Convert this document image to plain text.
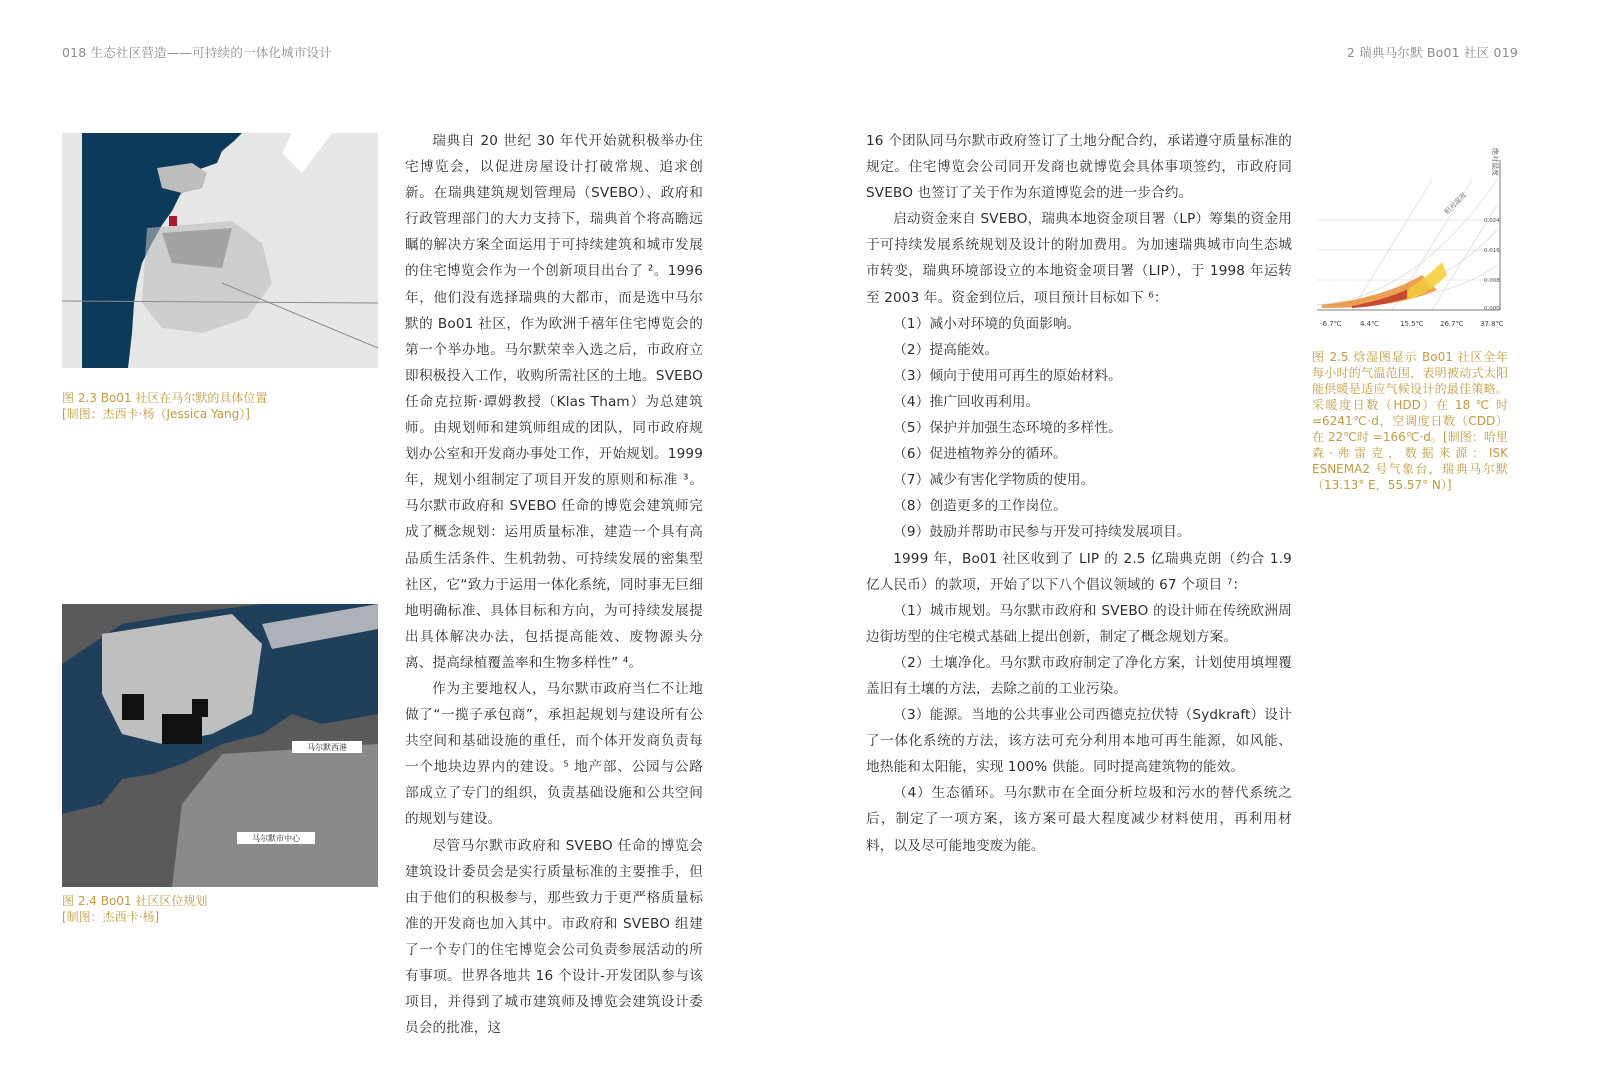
018 生态社区营造——可持续的一体化城市设计	2 瑞典马尔默 Bo01 社区 019
图 2.3 Bo01 社区在马尔默的具体位置
[制图：杰西卡·杨（Jessica Yang）]
马尔默西港
马尔默市中心
图 2.4 Bo01 社区区位规划
[制图：杰西卡·杨]
-6.7℃	4.4℃	15.5℃ 26.7℃ 37.8℃
0.024
0.016
0.008
0.000
绝对湿度
相对湿度
图 2.5 焓湿图显示 Bo01 社区全年每小时的气温范围，表明被动式太阳能供暖是适应气候设计的最佳策略。采暖度日数（HDD）在 18 ℃ 时 =6241℃·d，空调度日数（CDD）在 22℃时 =166℃·d。[制图：哈里森·弗雷克，数据来源：ISK ESNEMA2 号气象台，瑞典马尔默（13.13° E，55.57° N）]

瑞典自 20 世纪 30 年代开始就积极举办住宅博览会，以促进房屋设计打破常规、追求创新。在瑞典建筑规划管理局（SVEBO）、政府和行政管理部门的大力支持下，瑞典首个将高瞻远瞩的解决方案全面运用于可持续建筑和城市发展的住宅博览会作为一个创新项目出台了 ²。1996 年，他们没有选择瑞典的大都市，而是选中马尔默的 Bo01 社区，作为欧洲千禧年住宅博览会的第一个举办地。马尔默荣幸入选之后，市政府立即积极投入工作，收购所需社区的土地。SVEBO 任命克拉斯·谭姆教授（Klas Tham）为总建筑师。由规划师和建筑师组成的团队，同市政府规划办公室和开发商办事处工作，开始规划。1999 年，规划小组制定了项目开发的原则和标准 ³。马尔默市政府和 SVEBO 任命的博览会建筑师完成了概念规划：运用质量标准，建造一个具有高品质生活条件、生机勃勃、可持续发展的密集型社区，它“致力于运用一体化系统，同时事无巨细地明确标准、具体目标和方向，为可持续发展提出具体解决办法，包括提高能效、废物源头分离、提高绿植覆盖率和生物多样性” ⁴。

作为主要地权人，马尔默市政府当仁不让地做了“一揽子承包商”，承担起规划与建设所有公共空间和基础设施的重任，而个体开发商负责每一个地块边界内的建设。⁵ 地产部、公园与公路部成立了专门的组织，负责基础设施和公共空间的规划与建设。

尽管马尔默市政府和 SVEBO 任命的博览会建筑设计委员会是实行质量标准的主要推手，但由于他们的积极参与，那些致力于更严格质量标准的开发商也加入其中。市政府和 SVEBO 组建了一个专门的住宅博览会公司负责参展活动的所有事项。世界各地共 16 个设计-开发团队参与该项目，并得到了城市建筑师及博览会建筑设计委员会的批准，这

16 个团队同马尔默市政府签订了土地分配合约，承诺遵守质量标准的规定。住宅博览会公司同开发商也就博览会具体事项签约，市政府同 SVEBO 也签订了关于作为东道博览会的进一步合约。

启动资金来自 SVEBO，瑞典本地资金项目署（LP）筹集的资金用于可持续发展系统规划及设计的附加费用。为加速瑞典城市向生态城市转变，瑞典环境部设立的本地资金项目署（LIP），于 1998 年运转至 2003 年。资金到位后，项目预计目标如下 ⁶：

（1）减小对环境的负面影响。

（2）提高能效。

（3）倾向于使用可再生的原始材料。

（4）推广回收再利用。

（5）保护并加强生态环境的多样性。

（6）促进植物养分的循环。

（7）减少有害化学物质的使用。

（8）创造更多的工作岗位。

（9）鼓励并帮助市民参与开发可持续发展项目。

1999 年，Bo01 社区收到了 LIP 的 2.5 亿瑞典克朗（约合 1.9 亿人民币）的款项，开始了以下八个倡议领域的 67 个项目 ⁷：

（1）城市规划。马尔默市政府和 SVEBO 的设计师在传统欧洲周边街坊型的住宅模式基础上提出创新，制定了概念规划方案。

（2）土壤净化。马尔默市政府制定了净化方案，计划使用填埋覆盖旧有土壤的方法，去除之前的工业污染。

（3）能源。当地的公共事业公司西德克拉伏特（Sydkraft）设计了一体化系统的方法，该方法可充分利用本地可再生能源，如风能、地热能和太阳能，实现 100% 供能。同时提高建筑物的能效。

（4）生态循环。马尔默市在全面分析垃圾和污水的替代系统之后，制定了一项方案，该方案可最大程度减少材料使用，再利用材料，以及尽可能地变废为能。
